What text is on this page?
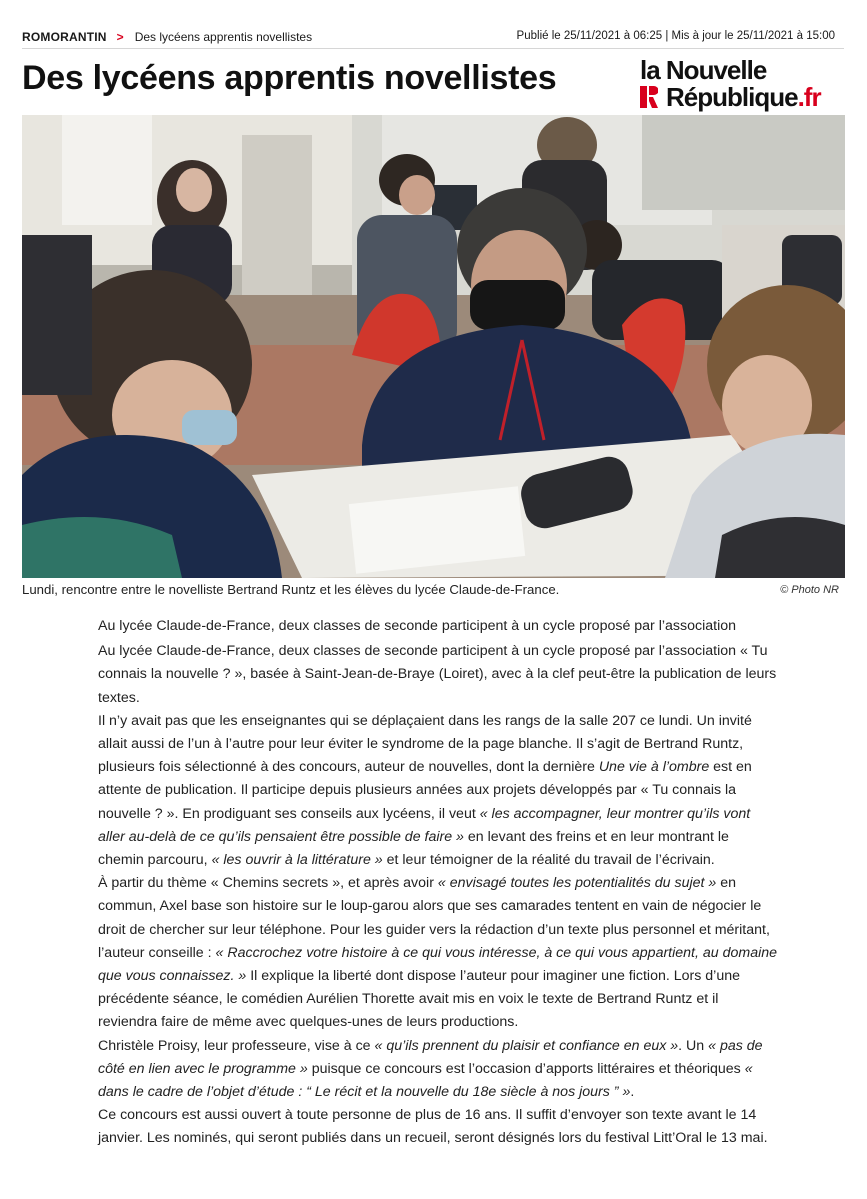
ROMORANTIN > Des lycéens apprentis novellistes	Publié le 25/11/2021 à 06:25 | Mis à jour le 25/11/2021 à 15:00
Des lycéens apprentis novellistes	la Nouvelle
République.fr
Lundi, rencontre entre le novelliste Bertrand Runtz et les élèves du lycée Claude-de-France.	© Photo NR

Au lycée Claude-de-France, deux classes de seconde participent à un cycle proposé par l’association

Au lycée Claude-de-France, deux classes de seconde participent à un cycle proposé par l’association « Tu connais la nouvelle ? », basée à Saint-Jean-de-Braye (Loiret), avec à la clef peut-être la publication de leurs textes.

Il n’y avait pas que les enseignantes qui se déplaçaient dans les rangs de la salle 207 ce lundi. Un invité allait aussi de l’un à l’autre pour leur éviter le syndrome de la page blanche. Il s’agit de Bertrand Runtz, plusieurs fois sélectionné à des concours, auteur de nouvelles, dont la dernière Une vie à l’ombre est en attente de publication. Il participe depuis plusieurs années aux projets développés par « Tu connais la nouvelle ? ». En prodiguant ses conseils aux lycéens, il veut « les accompagner, leur montrer qu’ils vont aller au-delà de ce qu’ils pensaient être possible de faire » en levant des freins et en leur montrant le chemin parcouru, « les ouvrir à la littérature » et leur témoigner de la réalité du travail de l’écrivain.

À partir du thème « Chemins secrets », et après avoir « envisagé toutes les potentialités du sujet » en commun, Axel base son histoire sur le loup-garou alors que ses camarades tentent en vain de négocier le droit de chercher sur leur téléphone. Pour les guider vers la rédaction d’un texte plus personnel et méritant, l’auteur conseille : « Raccrochez votre histoire à ce qui vous intéresse, à ce qui vous appartient, au domaine que vous connaissez. » Il explique la liberté dont dispose l’auteur pour imaginer une fiction. Lors d’une précédente séance, le comédien Aurélien Thorette avait mis en voix le texte de Bertrand Runtz et il reviendra faire de même avec quelques-unes de leurs productions.

Christèle Proisy, leur professeure, vise à ce « qu’ils prennent du plaisir et confiance en eux ». Un « pas de côté en lien avec le programme » puisque ce concours est l’occasion d’apports littéraires et théoriques « dans le cadre de l’objet d’étude : “ Le récit et la nouvelle du 18e siècle à nos jours ” ».

Ce concours est aussi ouvert à toute personne de plus de 16 ans. Il suffit d’envoyer son texte avant le 14 janvier. Les nominés, qui seront publiés dans un recueil, seront désignés lors du festival Litt’Oral le 13 mai.
